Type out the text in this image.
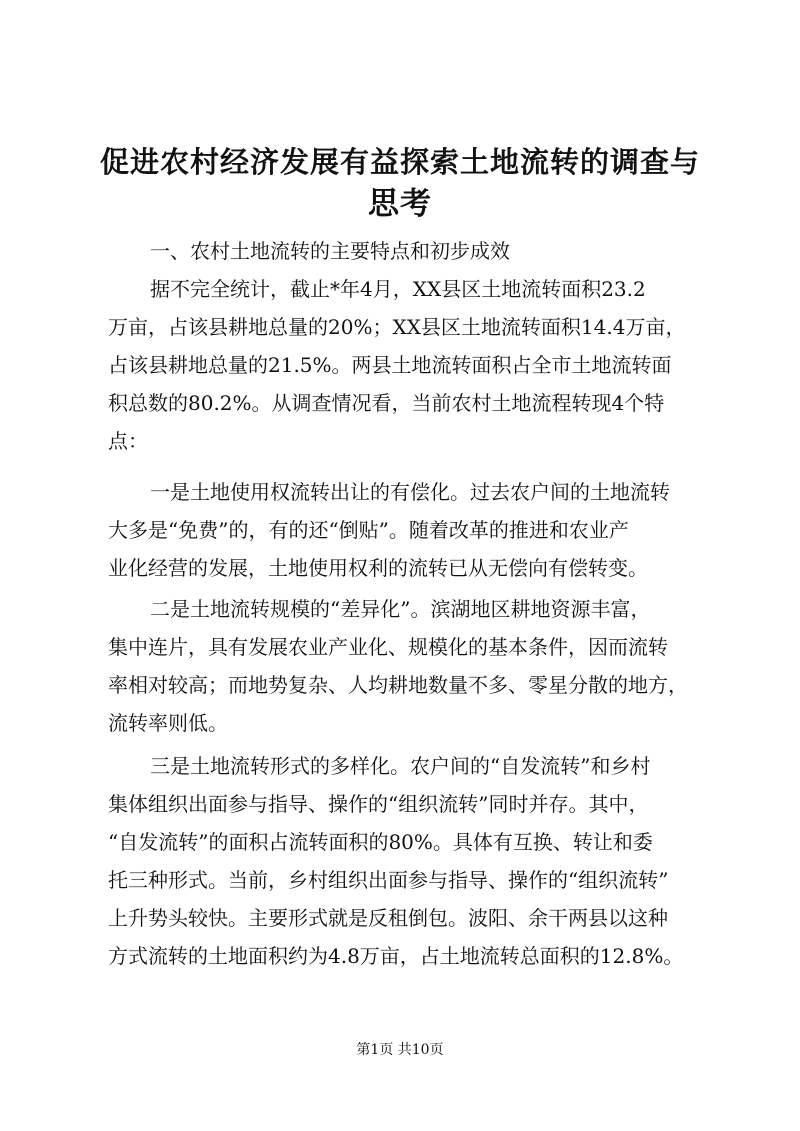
促进农村经济发展有益探索土地流转的调查与
思考

一、农村土地流转的主要特点和初步成效

据不完全统计，截止*年4月，XX县区土地流转面积23.2

万亩，占该县耕地总量的20%；XX县区土地流转面积14.4万亩，

占该县耕地总量的21.5%。两县土地流转面积占全市土地流转面

积总数的80.2%。从调查情况看，当前农村土地流程转现4个特

点：

一是土地使用权流转出让的有偿化。过去农户间的土地流转

大多是“免费”的，有的还“倒贴”。随着改革的推进和农业产

业化经营的发展，土地使用权利的流转已从无偿向有偿转变。

二是土地流转规模的“差异化”。滨湖地区耕地资源丰富，

集中连片，具有发展农业产业化、规模化的基本条件，因而流转

率相对较高；而地势复杂、人均耕地数量不多、零星分散的地方，

流转率则低。

三是土地流转形式的多样化。农户间的“自发流转”和乡村

集体组织出面参与指导、操作的“组织流转”同时并存。其中，

“自发流转”的面积占流转面积的80%。具体有互换、转让和委

托三种形式。当前，乡村组织出面参与指导、操作的“组织流转”

上升势头较快。主要形式就是反租倒包。波阳、余干两县以这种

方式流转的土地面积约为4.8万亩，占土地流转总面积的12.8%。

第1页 共10页
